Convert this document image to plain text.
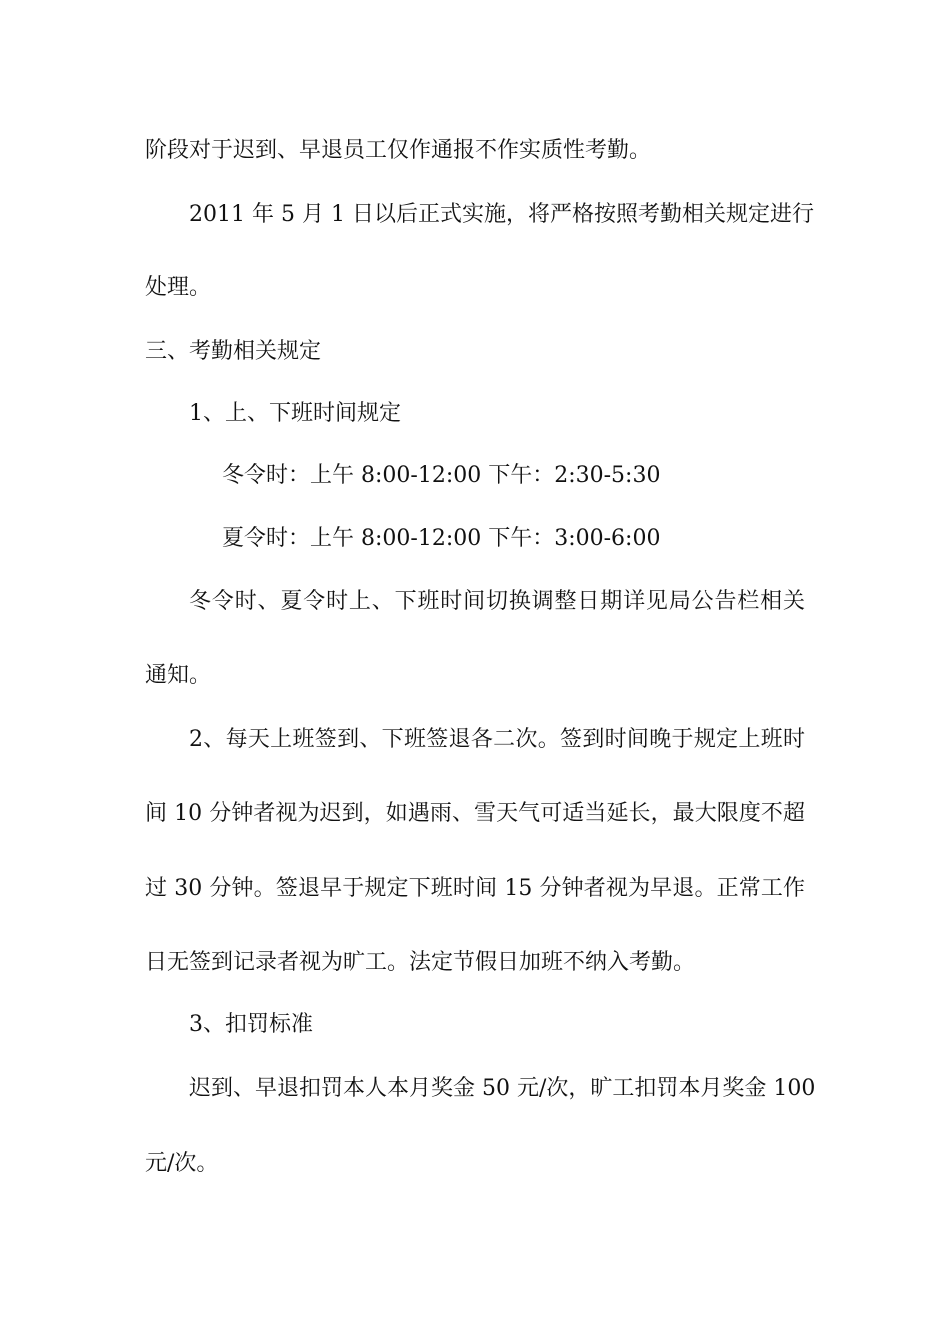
阶段对于迟到、早退员工仅作通报不作实质性考勤。
2011 年 5 月 1 日以后正式实施，将严格按照考勤相关规定进行
处理。
三、考勤相关规定
1、上、下班时间规定
冬令时：上午 8:00-12:00 下午：2:30-5:30
夏令时：上午 8:00-12:00 下午：3:00-6:00
冬令时、夏令时上、下班时间切换调整日期详见局公告栏相关
通知。
2、每天上班签到、下班签退各二次。签到时间晚于规定上班时
间 10 分钟者视为迟到，如遇雨、雪天气可适当延长，最大限度不超
过 30 分钟。签退早于规定下班时间 15 分钟者视为早退。正常工作
日无签到记录者视为旷工。法定节假日加班不纳入考勤。
3、扣罚标准
迟到、早退扣罚本人本月奖金 50 元/次，旷工扣罚本月奖金 100
元/次。
